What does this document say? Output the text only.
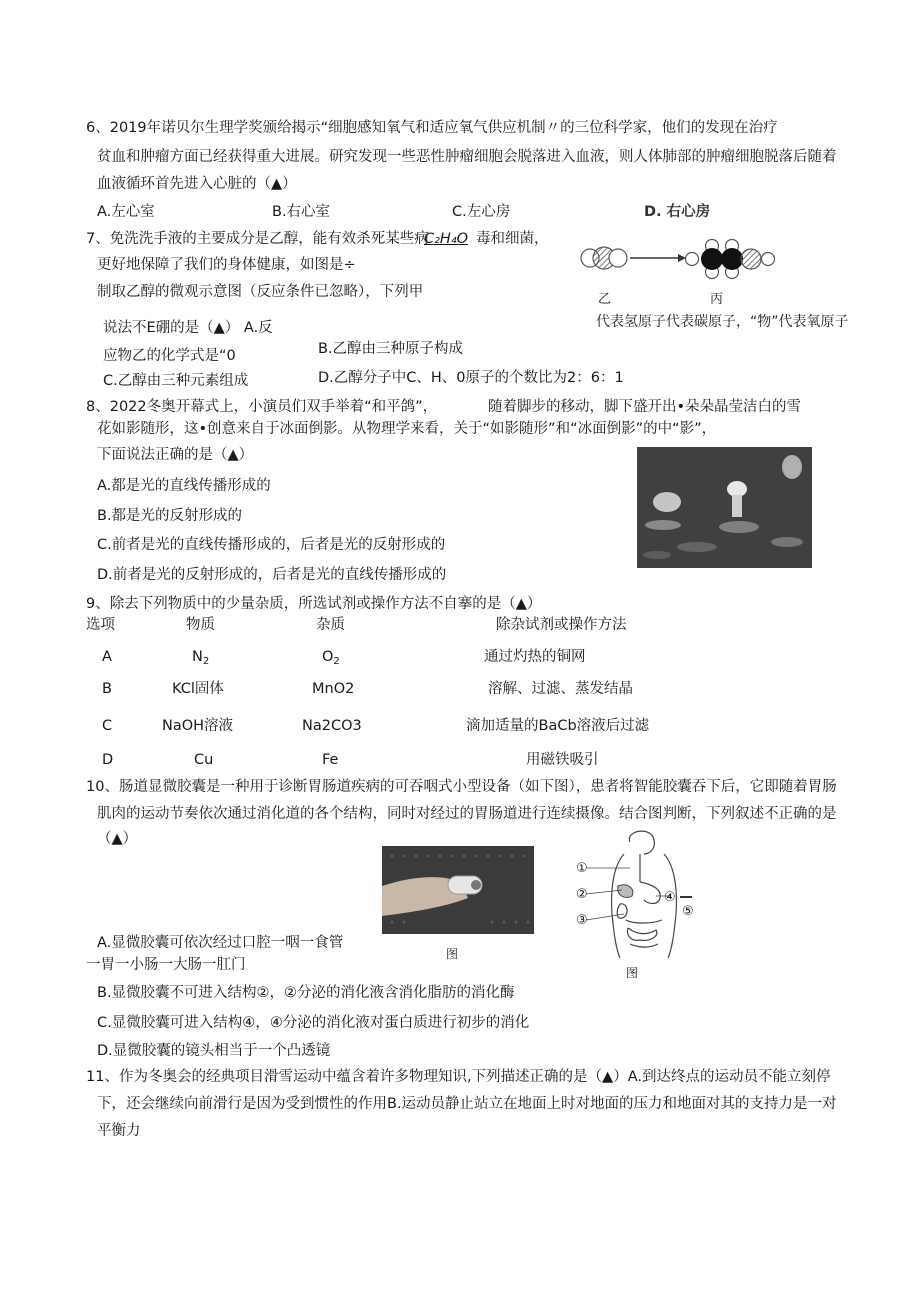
6、2019年诺贝尔生理学奖颁给揭示“细胞感知氧气和适应氧气供应机制〃的三位科学家，他们的发现在治疗
贫血和肿瘤方面已经获得重大进展。研究发现一些恶性肿瘤细胞会脱落进入血液，则人体肺部的肿瘤细胞脱落后随着
血液循环首先进入心脏的（▲）
A.左心室	B.右心室	C.左心房	D. 右心房
7、免洗洗手液的主要成分是乙醇，能有效杀死某些病
C₂H₄O 毒和细菌，
更好地保障了我们的身体健康，如图是÷
制取乙醇的微观示意图（反应条件已忽略），下列甲
说法不E硼的是（▲） A.反
应物乙的化学式是“0	B.乙醇由三种原子构成
C.乙醇由三种元素组成	D.乙醇分子中C、H、0原子的个数比为2：6：1
乙	丙
代表氢原子代表碳原子，“物”代表氧原子
8、2022冬奥开幕式上，小演员们双手举着“和平鸽”，	随着脚步的移动，脚下盛开出•朵朵晶莹洁白的雪
花如影随形，这•创意来自于冰面倒影。从物理学来看，关于“如影随形”和“冰面倒影”的中“影”，
下面说法正确的是（▲）
A.都是光的直线传播形成的
B.都是光的反射形成的
C.前者是光的直线传播形成的，后者是光的反射形成的
D.前者是光的反射形成的，后者是光的直线传播形成的
9、除去下列物质中的少量杂质，所选试剂或操作方法不自搴的是（▲）
选项	物质	杂质	除杂试剂或操作方法
A	$N_2$	$O_2$	通过灼热的铜网
B	KCl固体	MnO2	溶解、过滤、蒸发结晶
C	NaOH溶液	Na2CO3	滴加适量的BaCb溶液后过滤
D	Cu	Fe	用磁铁吸引
10、肠道显微胶囊是一种用于诊断胃肠道疾病的可吞咽式小型设备（如下图），患者将智能胶囊吞下后，它即随着胃肠
肌肉的运动节奏依次通过消化道的各个结构，同时对经过的胃肠道进行连续摄像。结合图判断，下列叙述不正确的是
（▲）
图
①
②
③
④
⑤
图
A.显微胶囊可依次经过口腔一咽一食管
一胃一小肠一大肠一肛门
B.显微胶囊不可进入结构②，②分泌的消化液含消化脂肪的消化酶
C.显微胶囊可进入结构④，④分泌的消化液对蛋白质进行初步的消化
D.显微胶囊的镜头相当于一个凸透镜
11、作为冬奥会的经典项目滑雪运动中蕴含着许多物理知识,下列描述正确的是（▲）A.到达终点的运动员不能立刻停
下，还会继续向前滑行是因为受到惯性的作用B.运动员静止站立在地面上时对地面的压力和地面对其的支持力是一对
平衡力
